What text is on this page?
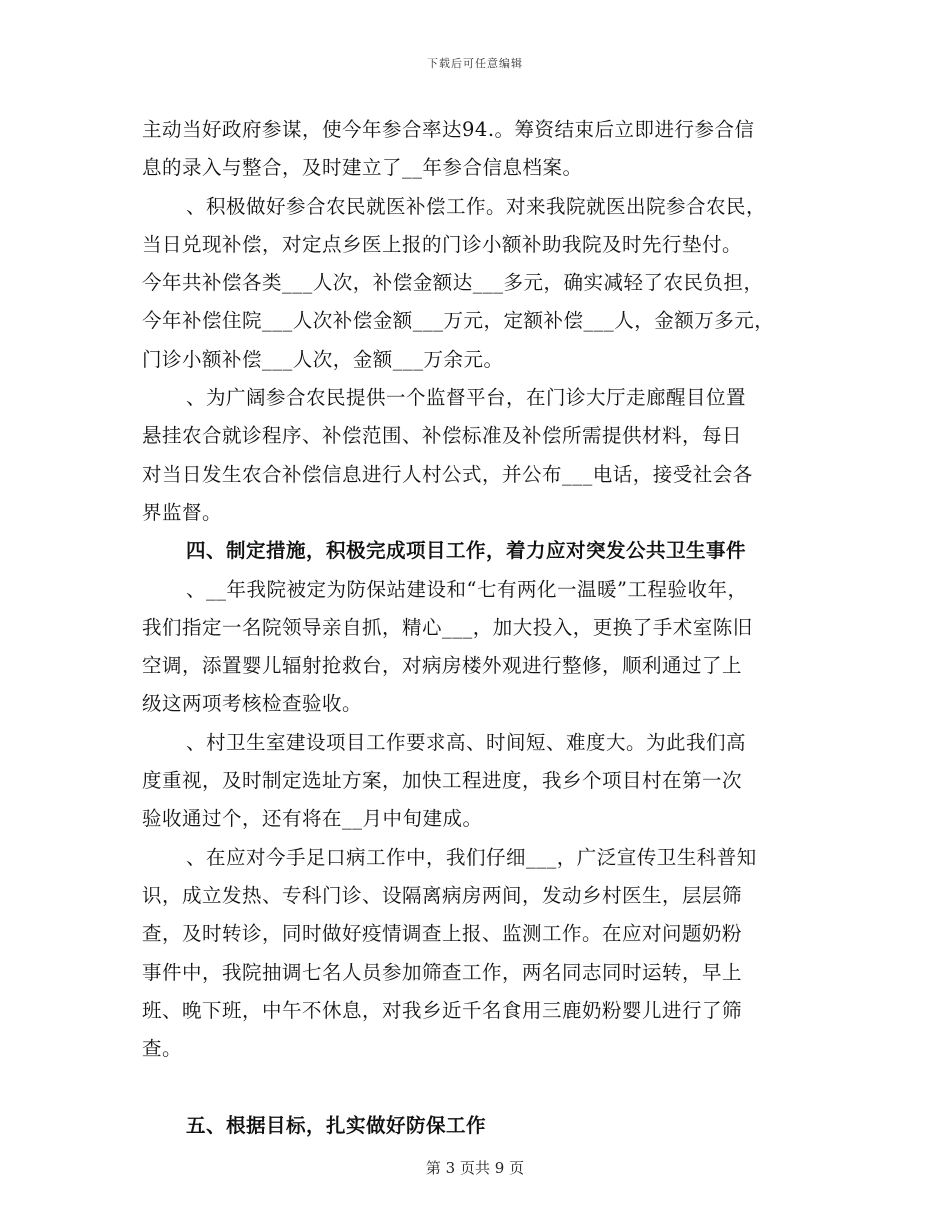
下载后可任意编辑
主动当好政府参谋，使今年参合率达94.。筹资结束后立即进行参合信
息的录入与整合，及时建立了__年参合信息档案。
、积极做好参合农民就医补偿工作。对来我院就医出院参合农民，
当日兑现补偿，对定点乡医上报的门诊小额补助我院及时先行垫付。
今年共补偿各类___人次，补偿金额达___多元，确实减轻了农民负担，
今年补偿住院___人次补偿金额___万元，定额补偿___人，金额万多元，
门诊小额补偿___人次，金额___万余元。
、为广阔参合农民提供一个监督平台，在门诊大厅走廊醒目位置
悬挂农合就诊程序、补偿范围、补偿标准及补偿所需提供材料，每日
对当日发生农合补偿信息进行人村公式，并公布___电话，接受社会各
界监督。
四、制定措施，积极完成项目工作，着力应对突发公共卫生事件
、__年我院被定为防保站建设和“七有两化一温暖”工程验收年，
我们指定一名院领导亲自抓，精心___，加大投入，更换了手术室陈旧
空调，添置婴儿辐射抢救台，对病房楼外观进行整修，顺利通过了上
级这两项考核检查验收。
、村卫生室建设项目工作要求高、时间短、难度大。为此我们高
度重视，及时制定选址方案，加快工程进度，我乡个项目村在第一次
验收通过个，还有将在__月中旬建成。
、在应对今手足口病工作中，我们仔细___，广泛宣传卫生科普知
识，成立发热、专科门诊、设隔离病房两间，发动乡村医生，层层筛
查，及时转诊，同时做好疫情调查上报、监测工作。在应对问题奶粉
事件中，我院抽调七名人员参加筛查工作，两名同志同时运转，早上
班、晚下班，中午不休息，对我乡近千名食用三鹿奶粉婴儿进行了筛
查。
五、根据目标，扎实做好防保工作
第 3 页共 9 页
